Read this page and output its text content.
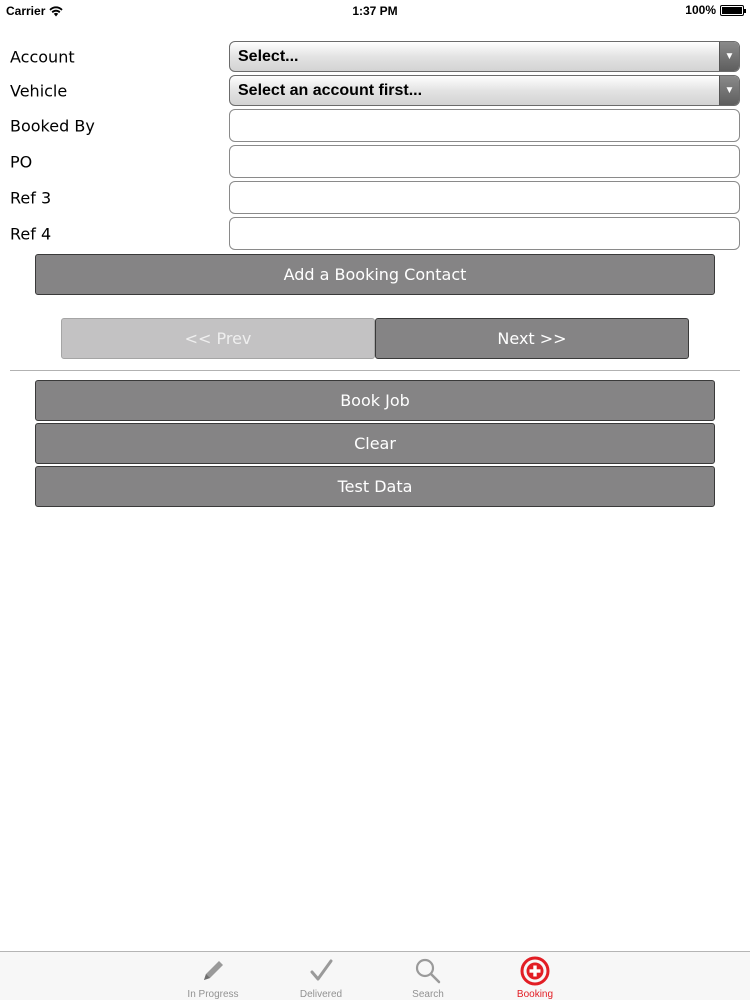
Carrier	1:37 PM	100%
Account	Select...	▼
Vehicle	Select an account first...	▼
Booked By
PO
Ref 3
Ref 4
Add a Booking Contact
<< Prev	Next >>
Book Job
Clear
Test Data
In Progress	Delivered	Search	Booking
